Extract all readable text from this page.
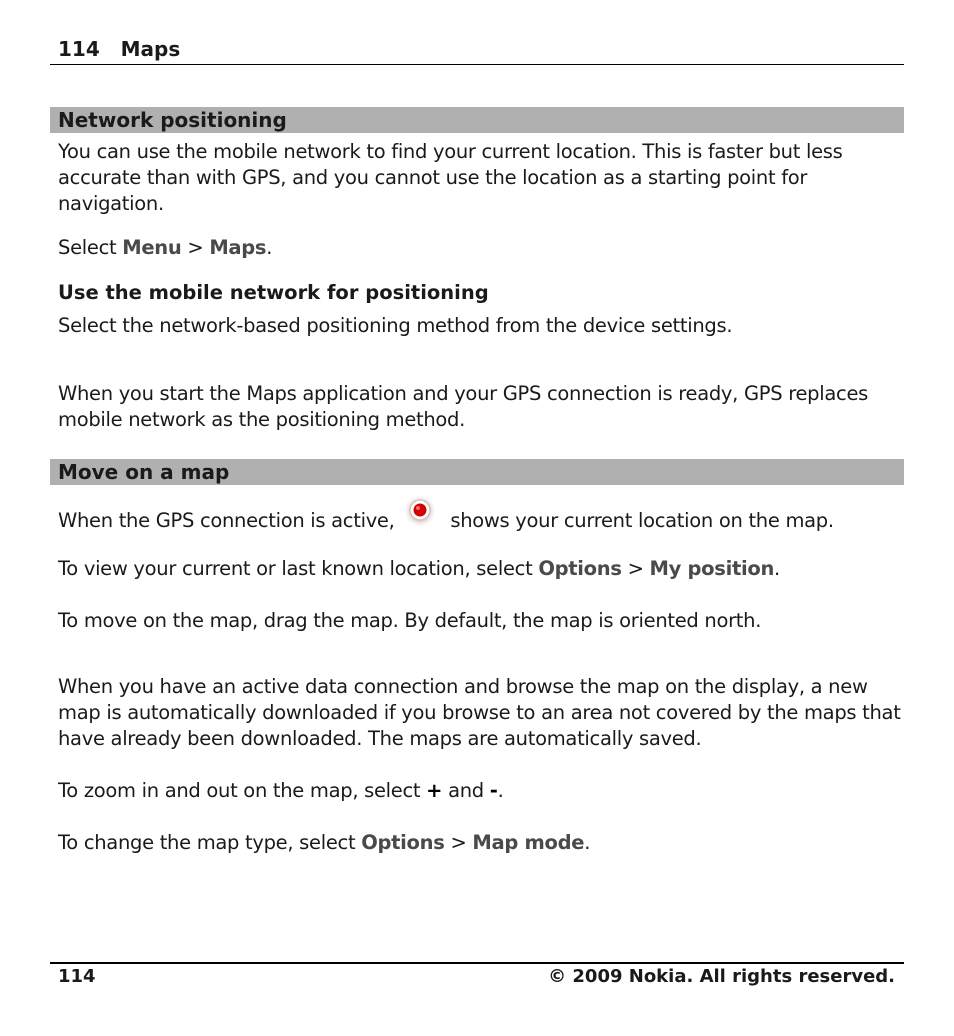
114 Maps
Network positioning
You can use the mobile network to find your current location. This is faster but less accurate than with GPS, and you cannot use the location as a starting point for navigation.
Select Menu > Maps.
Use the mobile network for positioning
Select the network-based positioning method from the device settings.
When you start the Maps application and your GPS connection is ready, GPS replaces mobile network as the positioning method.
Move on a map
When the GPS connection is active,
shows your current location on the map.
To view your current or last known location, select Options > My position.
To move on the map, drag the map. By default, the map is oriented north.
When you have an active data connection and browse the map on the display, a new map is automatically downloaded if you browse to an area not covered by the maps that have already been downloaded. The maps are automatically saved.
To zoom in and out on the map, select + and -.
To change the map type, select Options > Map mode.
114	© 2009 Nokia. All rights reserved.
